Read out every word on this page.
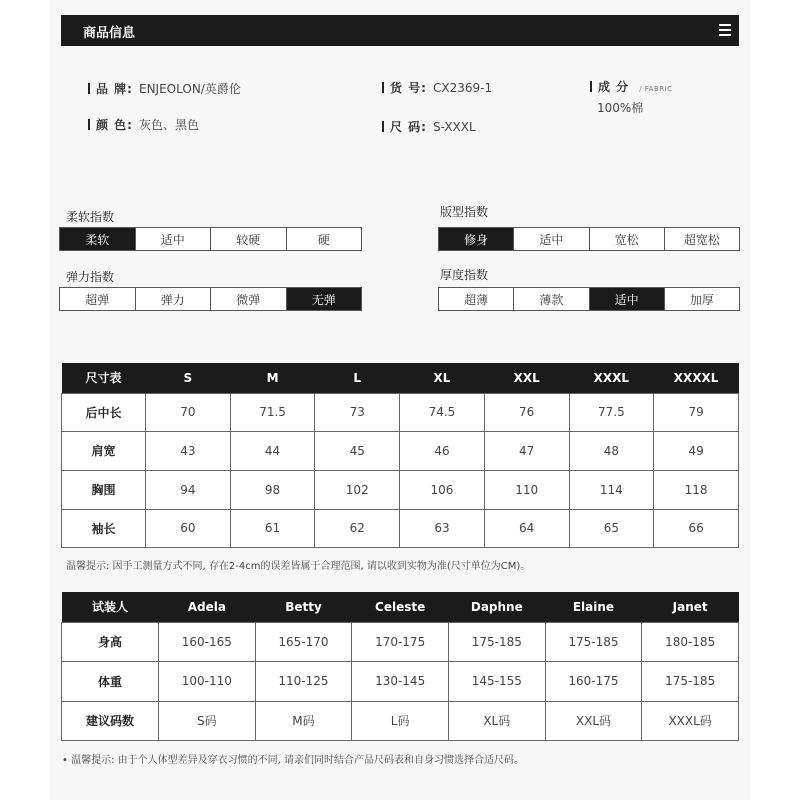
商品信息
品 牌: ENJEOLON/英爵伦	货 号: CX2369-1	成 分 / FABRIC
100%棉
颜 色: 灰色、黑色	尺 码: S-XXXL
柔软指数
柔软	适中	较硬	硬
版型指数
修身	适中	宽松	超宽松
弹力指数
超弹	弹力	微弹	无弹
厚度指数
超薄	薄款	适中	加厚
尺寸表	S	M	L	XL	XXL	XXXL	XXXXL
后中长	70	71.5	73	74.5	76	77.5	79
肩宽	43	44	45	46	47	48	49
胸围	94	98	102	106	110	114	118
袖长	60	61	62	63	64	65	66
温馨提示: 因手工测量方式不同, 存在2-4cm的误差皆属于合理范围, 请以收到实物为准(尺寸单位为CM)。
试装人	Adela	Betty	Celeste	Daphne	Elaine	Janet
身高	160-165	165-170	170-175	175-185	175-185	180-185
体重	100-110	110-125	130-145	145-155	160-175	175-185
建议码数	S码	M码	L码	XL码	XXL码	XXXL码
• 温馨提示: 由于个人体型差异及穿衣习惯的不同, 请亲们同时结合产品尺码表和自身习惯选择合适尺码。
